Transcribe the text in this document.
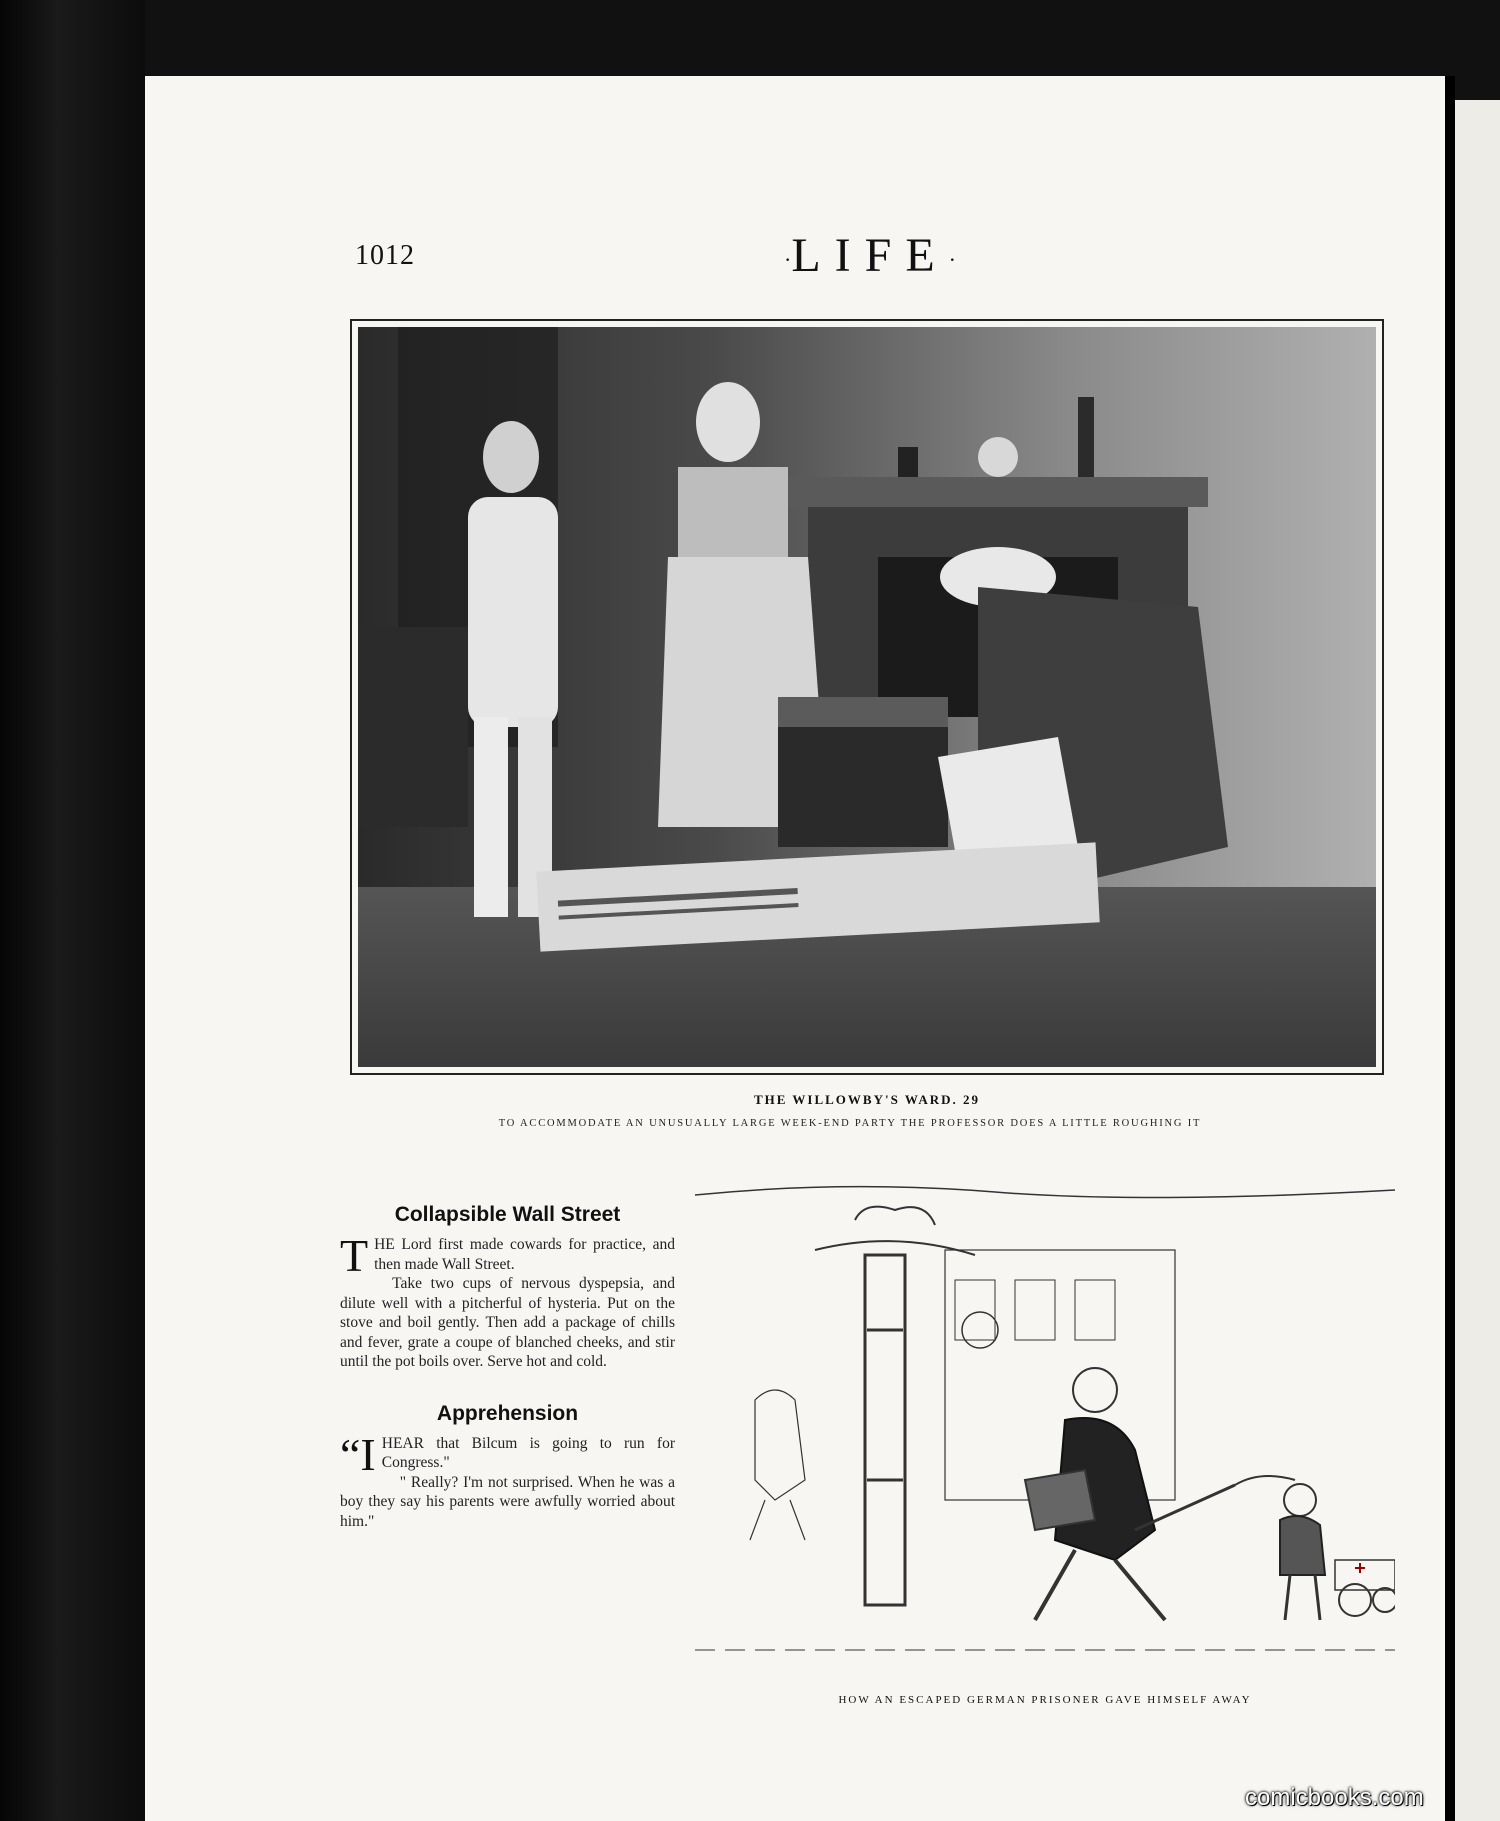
1012	·LIFE·
THE WILLOWBY'S WARD. 29
TO ACCOMMODATE AN UNUSUALLY LARGE WEEK-END PARTY THE PROFESSOR DOES A LITTLE ROUGHING IT
Collapsible Wall Street

THE Lord first made cowards for practice, and then made Wall Street.

Take two cups of nervous dyspepsia, and dilute well with a pitcherful of hysteria. Put on the stove and boil gently. Then add a package of chills and fever, grate a coupe of blanched cheeks, and stir until the pot boils over. Serve hot and cold.

Apprehension

“I HEAR that Bilcum is going to run for Congress."

" Really? I'm not surprised. When he was a boy they say his parents were awfully worried about him."

HOW AN ESCAPED GERMAN PRISONER GAVE HIMSELF AWAY
comicbooks.com
